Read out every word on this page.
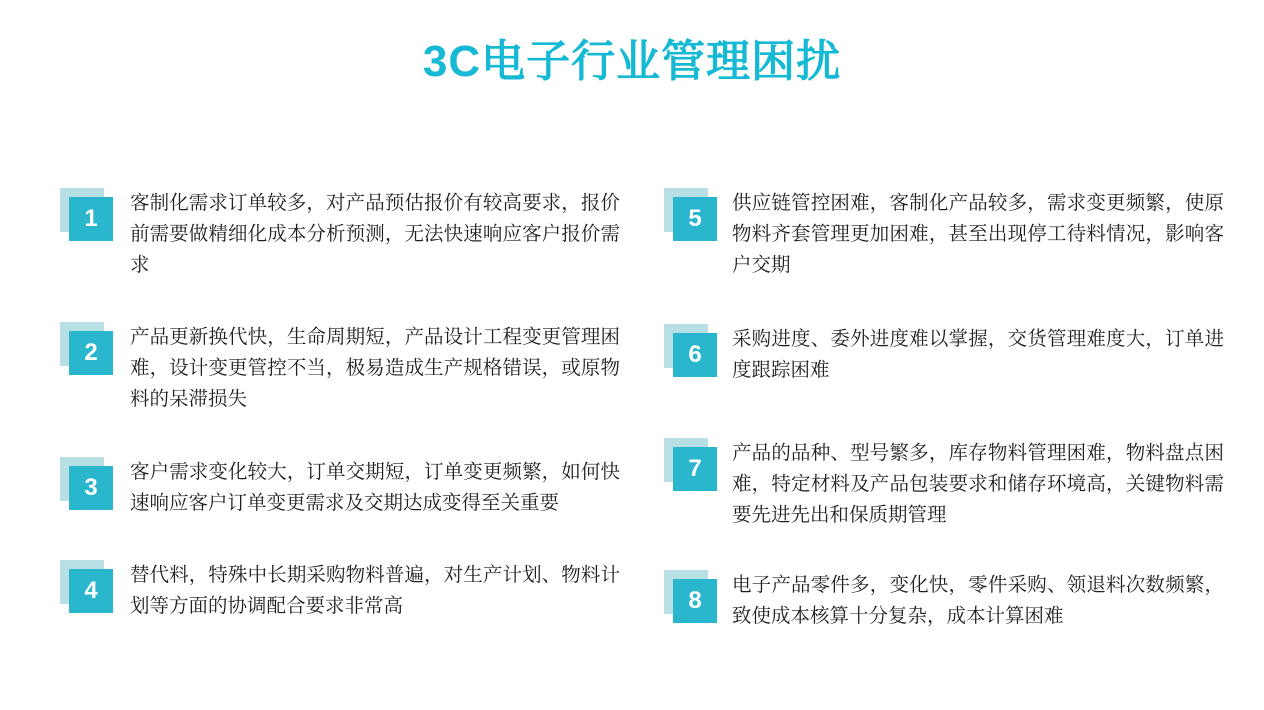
3C电子行业管理困扰
1
客制化需求订单较多，对产品预估报价有较高要求，报价前需要做精细化成本分析预测，无法快速响应客户报价需求
2
产品更新换代快，生命周期短，产品设计工程变更管理困难，设计变更管控不当，极易造成生产规格错误，或原物料的呆滞损失
3
客户需求变化较大，订单交期短，订单变更频繁，如何快速响应客户订单变更需求及交期达成变得至关重要
4
替代料，特殊中长期采购物料普遍，对生产计划、物料计划等方面的协调配合要求非常高
5
供应链管控困难，客制化产品较多，需求变更频繁，使原物料齐套管理更加困难，甚至出现停工待料情况，影响客户交期
6
采购进度、委外进度难以掌握，交货管理难度大，订单进度跟踪困难
7
产品的品种、型号繁多，库存物料管理困难，物料盘点困难，特定材料及产品包装要求和储存环境高，关键物料需要先进先出和保质期管理
8
电子产品零件多，变化快，零件采购、领退料次数频繁，致使成本核算十分复杂，成本计算困难
